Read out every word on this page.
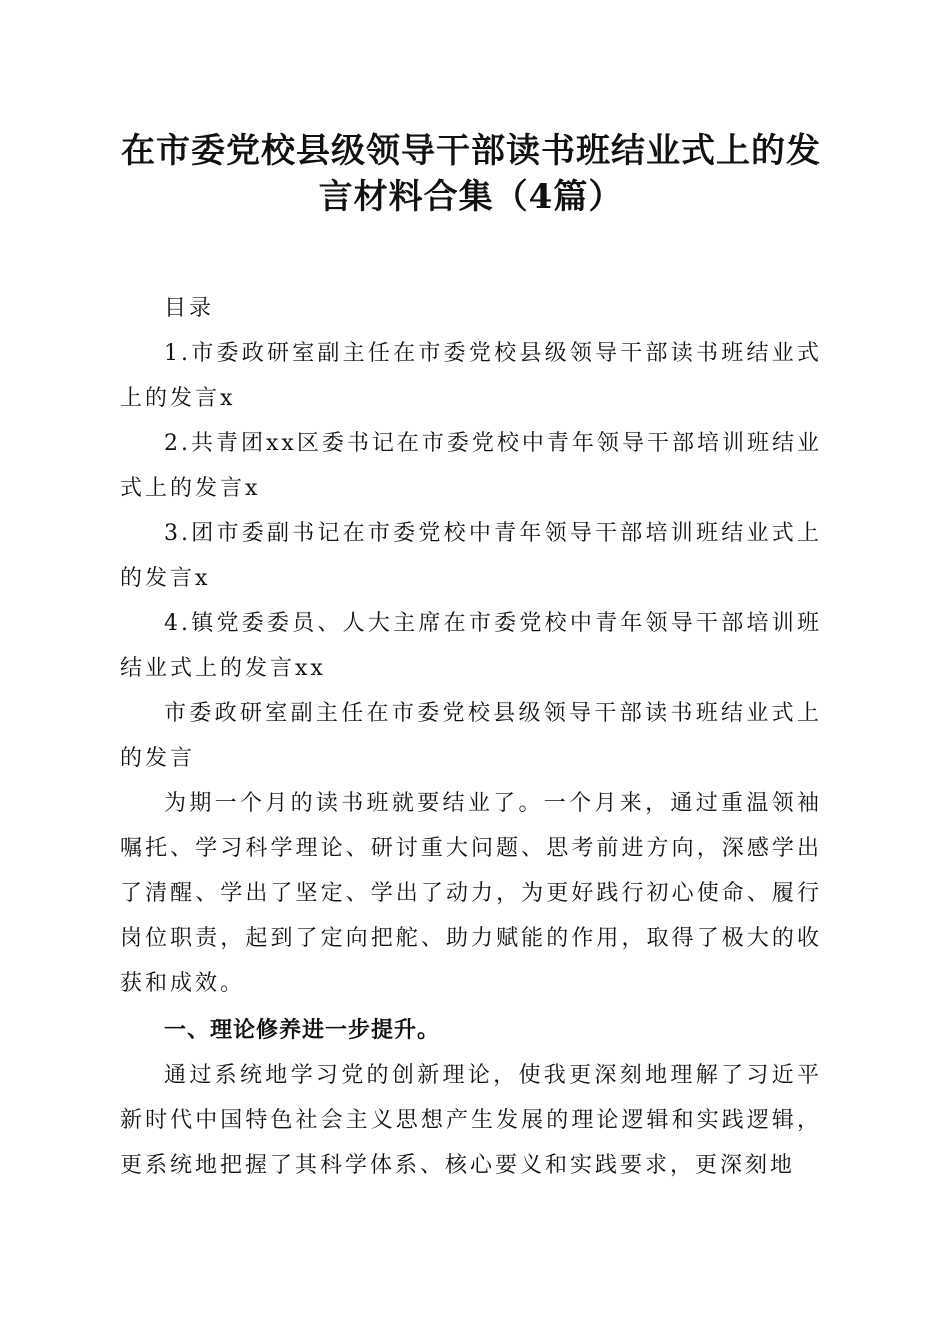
在市委党校县级领导干部读书班结业式上的发
言材料合集（4篇）

目录

1.市委政研室副主任在市委党校县级领导干部读书班结业式上的发言x

2.共青团xx区委书记在市委党校中青年领导干部培训班结业式上的发言x

3.团市委副书记在市委党校中青年领导干部培训班结业式上的发言x

4.镇党委委员、人大主席在市委党校中青年领导干部培训班结业式上的发言xx

市委政研室副主任在市委党校县级领导干部读书班结业式上的发言

为期一个月的读书班就要结业了。一个月来，通过重温领袖嘱托、学习科学理论、研讨重大问题、思考前进方向，深感学出了清醒、学出了坚定、学出了动力，为更好践行初心使命、履行岗位职责，起到了定向把舵、助力赋能的作用，取得了极大的收获和成效。

一、理论修养进一步提升。

通过系统地学习党的创新理论，使我更深刻地理解了习近平新时代中国特色社会主义思想产生发展的理论逻辑和实践逻辑，更系统地把握了其科学体系、核心要义和实践要求，更深刻地
